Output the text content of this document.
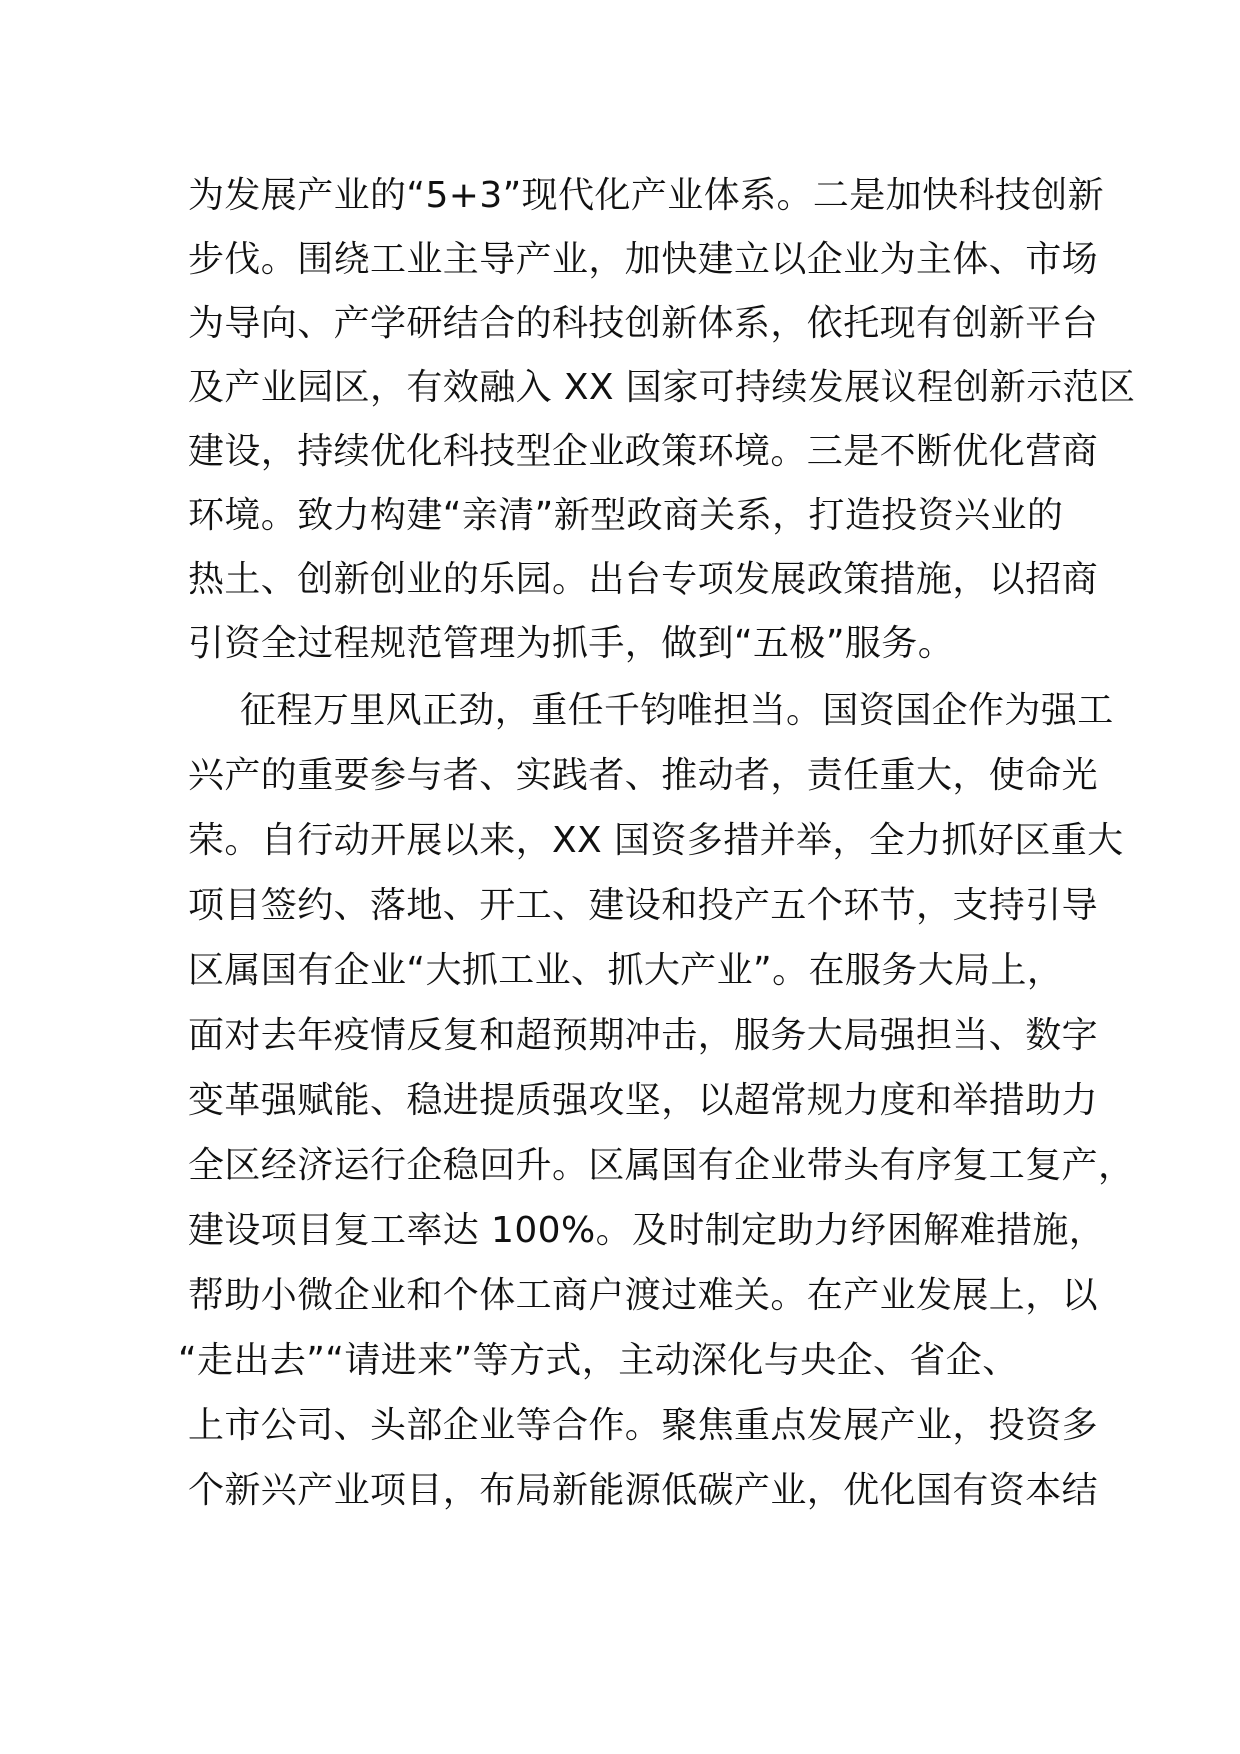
为发展产业的“5+3”现代化产业体系。二是加快科技创新
步伐。围绕工业主导产业，加快建立以企业为主体、市场
为导向、产学研结合的科技创新体系，依托现有创新平台
及产业园区，有效融入 XX 国家可持续发展议程创新示范区
建设，持续优化科技型企业政策环境。三是不断优化营商
环境。致力构建“亲清”新型政商关系，打造投资兴业的
热土、创新创业的乐园。出台专项发展政策措施，以招商
引资全过程规范管理为抓手，做到“五极”服务。
征程万里风正劲，重任千钧唯担当。国资国企作为强工
兴产的重要参与者、实践者、推动者，责任重大，使命光
荣。自行动开展以来，XX 国资多措并举，全力抓好区重大
项目签约、落地、开工、建设和投产五个环节，支持引导
区属国有企业“大抓工业、抓大产业”。在服务大局上，
面对去年疫情反复和超预期冲击，服务大局强担当、数字
变革强赋能、稳进提质强攻坚，以超常规力度和举措助力
全区经济运行企稳回升。区属国有企业带头有序复工复产，
建设项目复工率达 100%。及时制定助力纾困解难措施，
帮助小微企业和个体工商户渡过难关。在产业发展上，以
“走出去”“请进来”等方式，主动深化与央企、省企、
上市公司、头部企业等合作。聚焦重点发展产业，投资多
个新兴产业项目，布局新能源低碳产业，优化国有资本结
